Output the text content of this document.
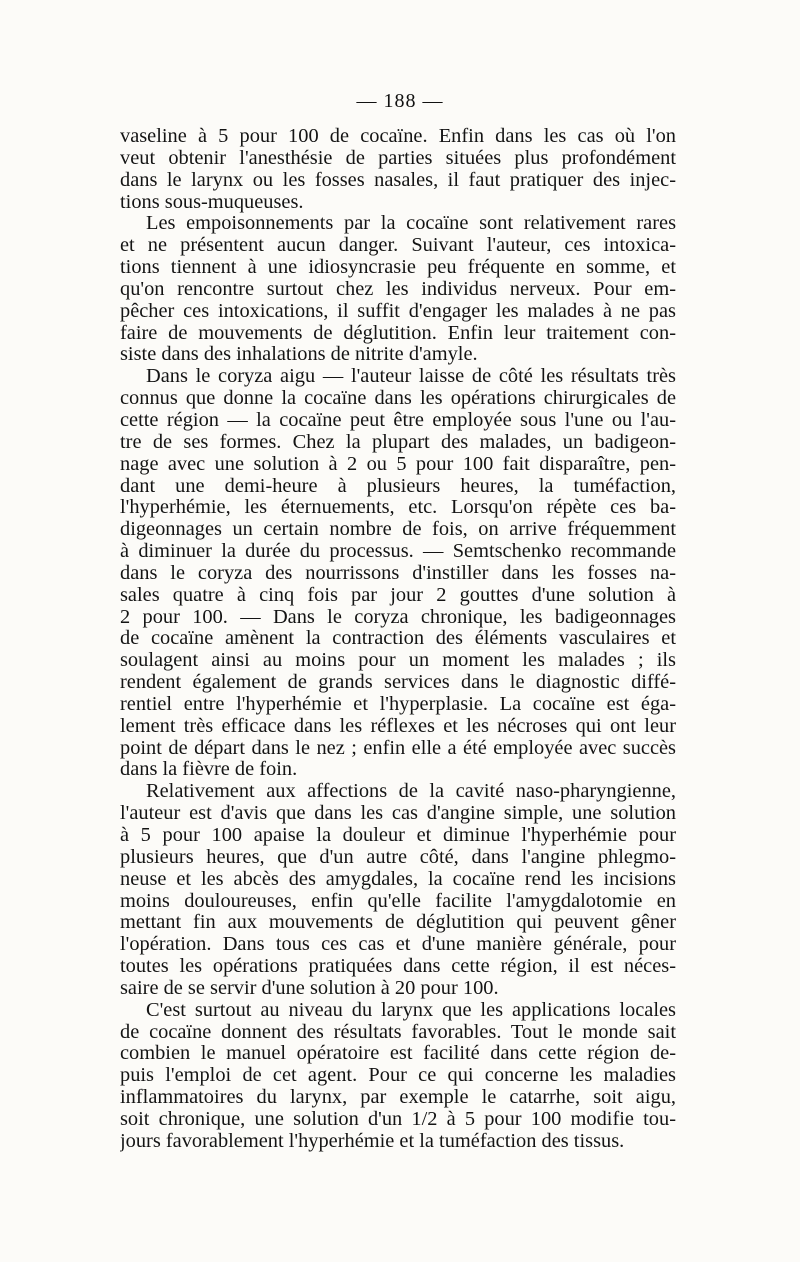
— 188 —
vaseline à 5 pour 100 de cocaïne. Enfin dans les cas où l'on
veut obtenir l'anesthésie de parties situées plus profondément
dans le larynx ou les fosses nasales, il faut pratiquer des injec-
tions sous-muqueuses.
Les empoisonnements par la cocaïne sont relativement rares
et ne présentent aucun danger. Suivant l'auteur, ces intoxica-
tions tiennent à une idiosyncrasie peu fréquente en somme, et
qu'on rencontre surtout chez les individus nerveux. Pour em-
pêcher ces intoxications, il suffit d'engager les malades à ne pas
faire de mouvements de déglutition. Enfin leur traitement con-
siste dans des inhalations de nitrite d'amyle.
Dans le coryza aigu — l'auteur laisse de côté les résultats très
connus que donne la cocaïne dans les opérations chirurgicales de
cette région — la cocaïne peut être employée sous l'une ou l'au-
tre de ses formes. Chez la plupart des malades, un badigeon-
nage avec une solution à 2 ou 5 pour 100 fait disparaître, pen-
dant une demi-heure à plusieurs heures, la tuméfaction,
l'hyperhémie, les éternuements, etc. Lorsqu'on répète ces ba-
digeonnages un certain nombre de fois, on arrive fréquemment
à diminuer la durée du processus. — Semtschenko recommande
dans le coryza des nourrissons d'instiller dans les fosses na-
sales quatre à cinq fois par jour 2 gouttes d'une solution à
2 pour 100. — Dans le coryza chronique, les badigeonnages
de cocaïne amènent la contraction des éléments vasculaires et
soulagent ainsi au moins pour un moment les malades ; ils
rendent également de grands services dans le diagnostic diffé-
rentiel entre l'hyperhémie et l'hyperplasie. La cocaïne est éga-
lement très efficace dans les réflexes et les nécroses qui ont leur
point de départ dans le nez ; enfin elle a été employée avec succès
dans la fièvre de foin.
Relativement aux affections de la cavité naso-pharyngienne,
l'auteur est d'avis que dans les cas d'angine simple, une solution
à 5 pour 100 apaise la douleur et diminue l'hyperhémie pour
plusieurs heures, que d'un autre côté, dans l'angine phlegmo-
neuse et les abcès des amygdales, la cocaïne rend les incisions
moins douloureuses, enfin qu'elle facilite l'amygdalotomie en
mettant fin aux mouvements de déglutition qui peuvent gêner
l'opération. Dans tous ces cas et d'une manière générale, pour
toutes les opérations pratiquées dans cette région, il est néces-
saire de se servir d'une solution à 20 pour 100.
C'est surtout au niveau du larynx que les applications locales
de cocaïne donnent des résultats favorables. Tout le monde sait
combien le manuel opératoire est facilité dans cette région de-
puis l'emploi de cet agent. Pour ce qui concerne les maladies
inflammatoires du larynx, par exemple le catarrhe, soit aigu,
soit chronique, une solution d'un 1/2 à 5 pour 100 modifie tou-
jours favorablement l'hyperhémie et la tuméfaction des tissus.
